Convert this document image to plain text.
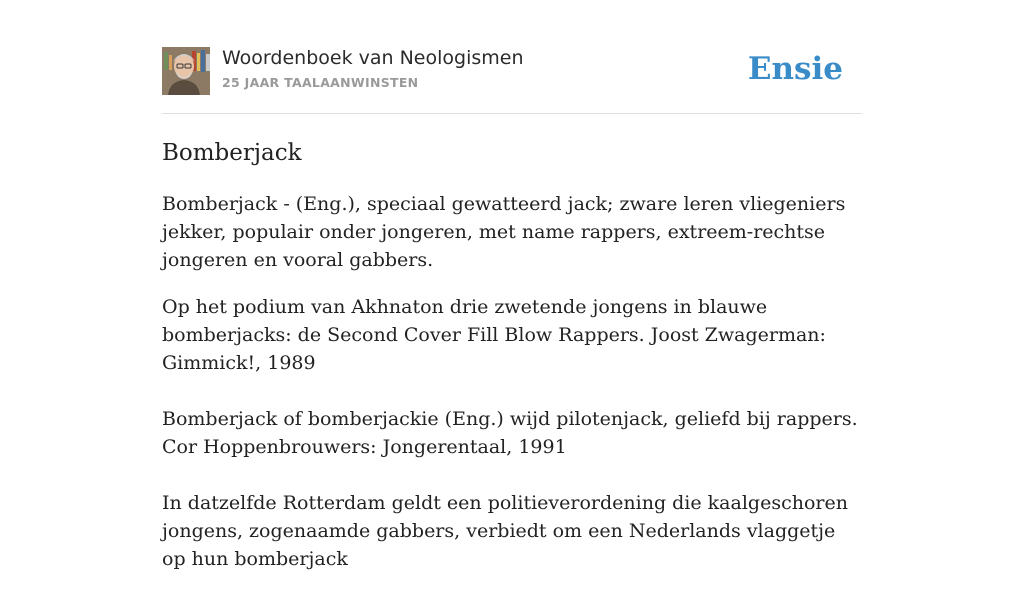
Woordenboek van Neologismen
25 JAAR TAALAANWINSTEN	Ensie
Bomberjack

Bomberjack - (Eng.), speciaal gewatteerd jack; zware leren vliegeniers jekker, populair onder jongeren, met name rappers, extreem-rechtse jongeren en vooral gabbers.

Op het podium van Akhnaton drie zwetende jongens in blauwe bomberjacks: de Second Cover Fill Blow Rappers. Joost Zwagerman: Gimmick!, 1989

Bomberjack of bomberjackie (Eng.) wijd pilotenjack, geliefd bij rappers. Cor Hoppenbrouwers: Jongerentaal, 1991

In datzelfde Rotterdam geldt een politieverordening die kaalgeschoren jongens, zogenaamde gabbers, verbiedt om een Nederlands vlaggetje op hun bomberjack
